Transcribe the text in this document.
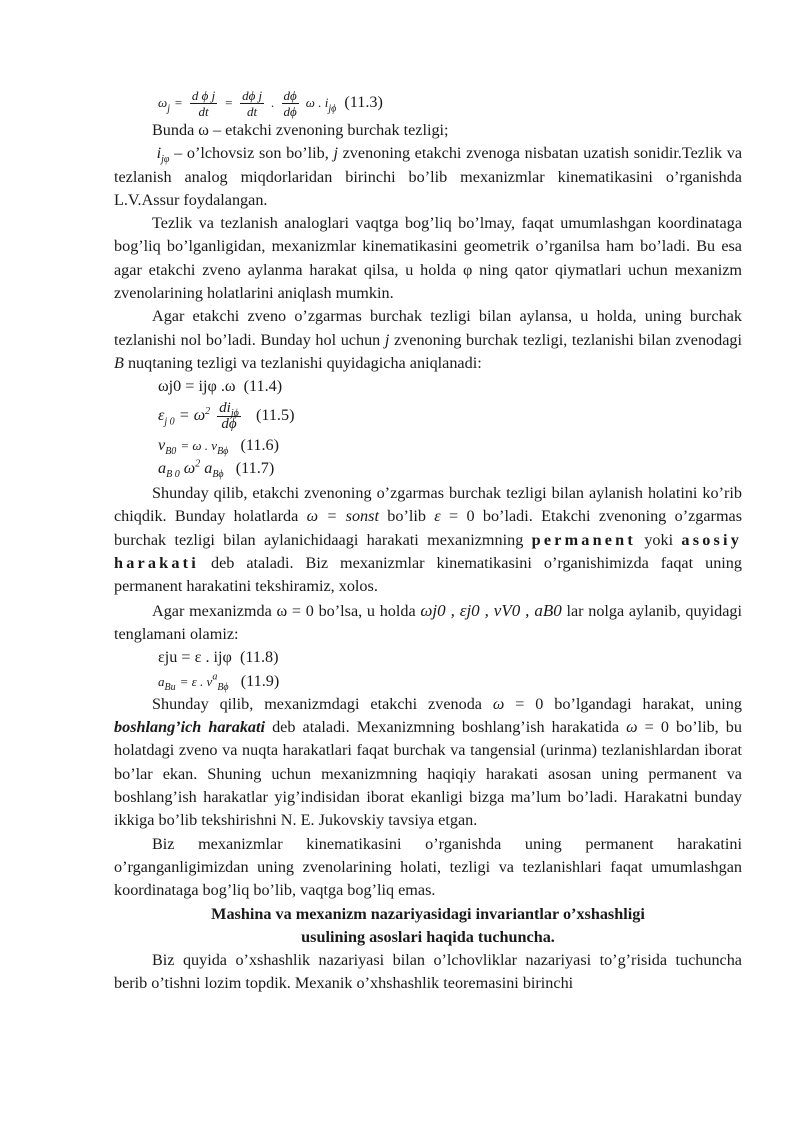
$\omega_j = \frac{\text{d ϕ j}}{dt} = \frac{\text{dϕ j}}{dt}$ . $\frac{d\phi}{d\phi}$ ω . $i_{j\phi}$ (11.3)

Bunda ω – etakchi zvenoning burchak tezligi;

$i_{j\varphi}$ – o’lchovsiz son bo’lib, j zvenoning etakchi zvenoga nisbatan uzatish sonidir.Tezlik va tezlanish analog miqdorlaridan birinchi bo’lib mexanizmlar kinematikasini o’rganishda L.V.Assur foydalangan.

Tezlik va tezlanish analoglari vaqtga bog’liq bo’lmay, faqat umumlashgan koordinataga bog’liq bo’lganligidan, mexanizmlar kinematikasini geometrik o’rganilsa ham bo’ladi. Bu esa agar etakchi zveno aylanma harakat qilsa, u holda φ ning qator qiymatlari uchun mexanizm zvenolarining holatlarini aniqlash mumkin.

Agar etakchi zveno o’zgarmas burchak tezligi bilan aylansa, u holda, uning burchak tezlanishi nol bo’ladi. Bunday hol uchun j zvenoning burchak tezligi, tezlanishi bilan zvenodagi B nuqtaning tezligi va tezlanishi quyidagicha aniqlanadi:

ωj0 = ijφ .ω (11.4)
$\varepsilon_{j 0} = \omega^2 \frac{di_{j\phi}}{d\phi} (11.5)$
$v_{B0} = \omega$ . $v_{B\phi}$ (11.6)
$a_{B 0}$ $\omega^2$ $a_{B\phi}$ (11.7)

Shunday qilib, etakchi zvenoning o’zgarmas burchak tezligi bilan aylanish holatini ko’rib chiqdik. Bunday holatlarda ω = sonst bo’lib ε = 0 bo’ladi. Etakchi zvenoning o’zgarmas burchak tezligi bilan aylanichidaagi harakati mexanizmning permanent yoki asosiy harakati deb ataladi. Biz mexanizmlar kinematikasini o’rganishimizda faqat uning permanent harakatini tekshiramiz, xolos.

Agar mexanizmda ω = 0 bo’lsa, u holda ωj0 , εj0 , vV0 , aB0 lar nolga aylanib, quyidagi tenglamani olamiz:

εju = ε . ijφ (11.8)
$a_{Bu} = \varepsilon$ . $v^a_{B\phi}$ (11.9)

Shunday qilib, mexanizmdagi etakchi zvenoda ω = 0 bo’lgandagi harakat, uning boshlang’ich harakati deb ataladi. Mexanizmning boshlang’ish harakatida ω = 0 bo’lib, bu holatdagi zveno va nuqta harakatlari faqat burchak va tangensial (urinma) tezlanishlardan iborat bo’lar ekan. Shuning uchun mexanizmning haqiqiy harakati asosan uning permanent va boshlang’ish harakatlar yig’indisidan iborat ekanligi bizga ma’lum bo’ladi. Harakatni bunday ikkiga bo’lib tekshirishni N. E. Jukovskiy tavsiya etgan.

Biz mexanizmlar kinematikasini o’rganishda uning permanent harakatini o’rganganligimizdan uning zvenolarining holati, tezligi va tezlanishlari faqat umumlashgan koordinataga bog’liq bo’lib, vaqtga bog’liq emas.

Mashina va mexanizm nazariyasidagi invariantlar o’xshashligi
usulining asoslari haqida tuchuncha.

Biz quyida o’xshashlik nazariyasi bilan o’lchovliklar nazariyasi to’g’risida tuchuncha berib o’tishni lozim topdik. Mexanik o’xhshashlik teoremasini birinchi
